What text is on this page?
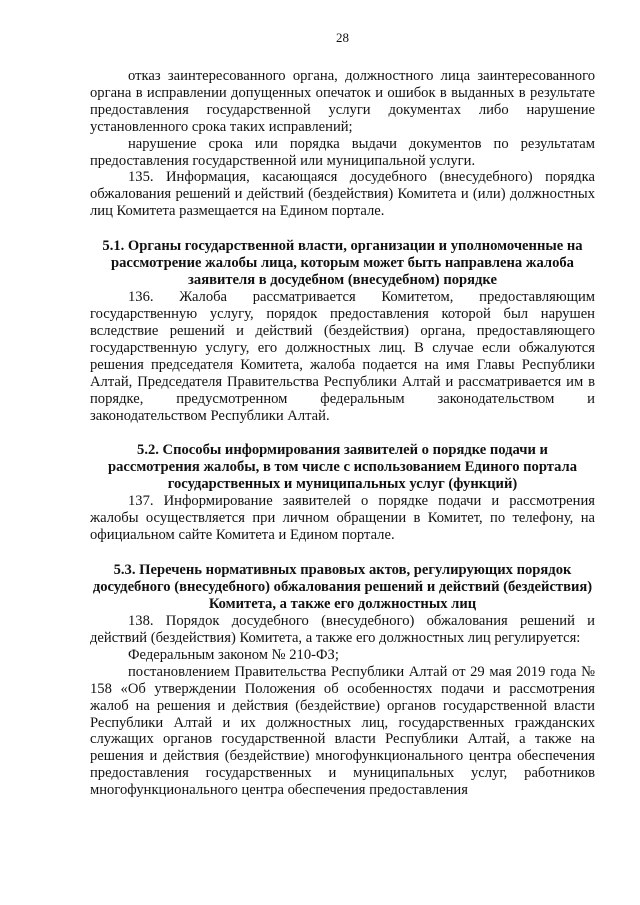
28

отказ заинтересованного органа, должностного лица заинтересованного органа в исправлении допущенных опечаток и ошибок в выданных в результате предоставления государственной услуги документах либо нарушение установленного срока таких исправлений;

нарушение срока или порядка выдачи документов по результатам предоставления государственной или муниципальной услуги.

135. Информация, касающаяся досудебного (внесудебного) порядка обжалования решений и действий (бездействия) Комитета и (или) должностных лиц Комитета размещается на Едином портале.

5.1. Органы государственной власти, организации и уполномоченные на рассмотрение жалобы лица, которым может быть направлена жалоба заявителя в досудебном (внесудебном) порядке

136. Жалоба рассматривается Комитетом, предоставляющим государственную услугу, порядок предоставления которой был нарушен вследствие решений и действий (бездействия) органа, предоставляющего государственную услугу, его должностных лиц. В случае если обжалуются решения председателя Комитета, жалоба подается на имя Главы Республики Алтай, Председателя Правительства Республики Алтай и рассматривается им в порядке, предусмотренном федеральным законодательством и законодательством Республики Алтай.

5.2. Способы информирования заявителей о порядке подачи и рассмотрения жалобы, в том числе с использованием Единого портала государственных и муниципальных услуг (функций)

137. Информирование заявителей о порядке подачи и рассмотрения жалобы осуществляется при личном обращении в Комитет, по телефону, на официальном сайте Комитета и Едином портале.

5.3. Перечень нормативных правовых актов, регулирующих порядок досудебного (внесудебного) обжалования решений и действий (бездействия) Комитета, а также его должностных лиц

138. Порядок досудебного (внесудебного) обжалования решений и действий (бездействия) Комитета, а также его должностных лиц регулируется:

Федеральным законом № 210-ФЗ;

постановлением Правительства Республики Алтай от 29 мая 2019 года № 158 «Об утверждении Положения об особенностях подачи и рассмотрения жалоб на решения и действия (бездействие) органов государственной власти Республики Алтай и их должностных лиц, государственных гражданских служащих органов государственной власти Республики Алтай, а также на решения и действия (бездействие) многофункционального центра обеспечения предоставления государственных и муниципальных услуг, работников многофункционального центра обеспечения предоставления
